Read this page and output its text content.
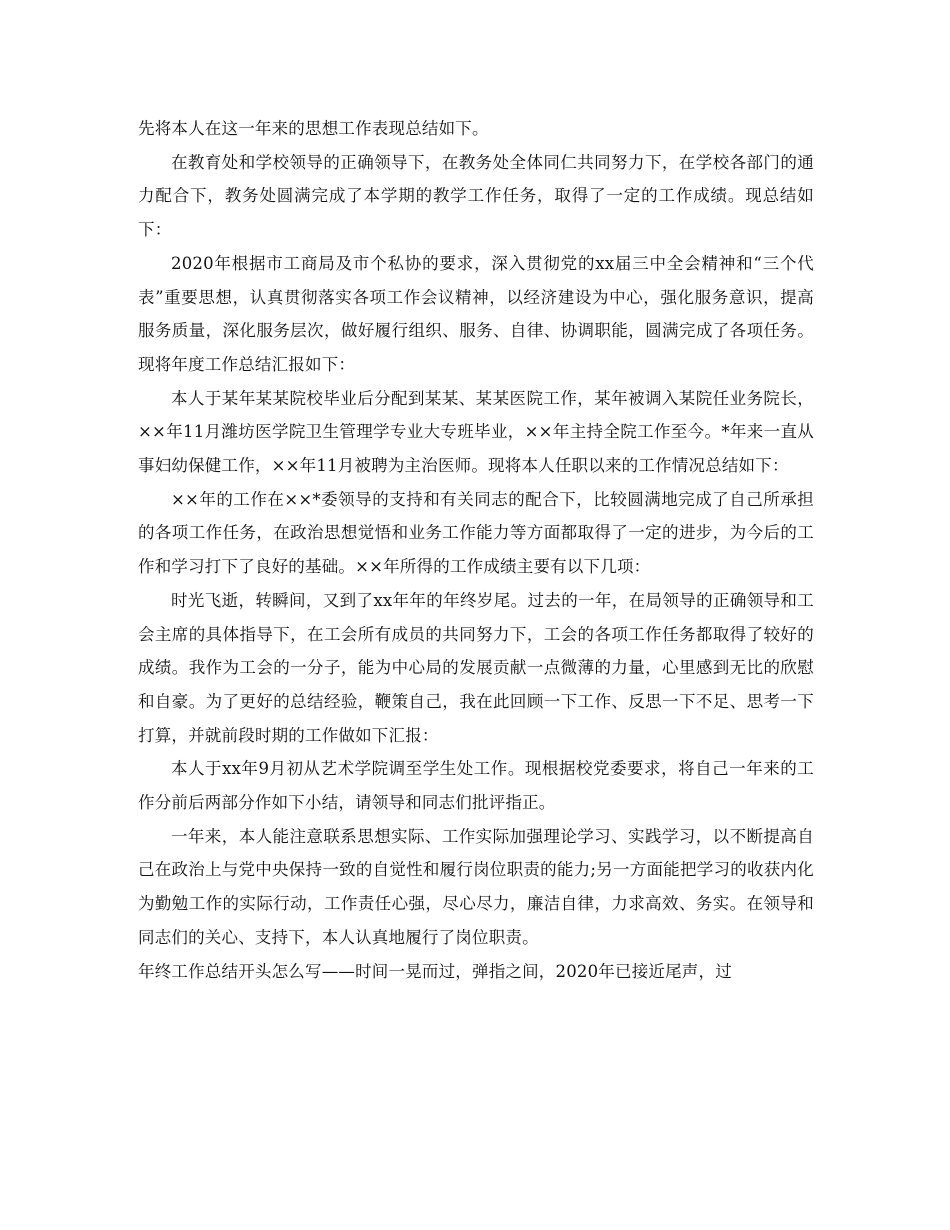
先将本人在这一年来的思想工作表现总结如下。

在教育处和学校领导的正确领导下，在教务处全体同仁共同努力下，在学校各部门的通力配合下，教务处圆满完成了本学期的教学工作任务，取得了一定的工作成绩。现总结如下：

2020年根据市工商局及市个私协的要求，深入贯彻党的xx届三中全会精神和“三个代表”重要思想，认真贯彻落实各项工作会议精神，以经济建设为中心，强化服务意识，提高服务质量，深化服务层次，做好履行组织、服务、自律、协调职能，圆满完成了各项任务。现将年度工作总结汇报如下：

本人于某年某某院校毕业后分配到某某、某某医院工作，某年被调入某院任业务院长，××年11月潍坊医学院卫生管理学专业大专班毕业，××年主持全院工作至今。*年来一直从事妇幼保健工作，××年11月被聘为主治医师。现将本人任职以来的工作情况总结如下：

××年的工作在××*委领导的支持和有关同志的配合下，比较圆满地完成了自己所承担的各项工作任务，在政治思想觉悟和业务工作能力等方面都取得了一定的进步，为今后的工作和学习打下了良好的基础。××年所得的工作成绩主要有以下几项：

时光飞逝，转瞬间，又到了xx年年的年终岁尾。过去的一年，在局领导的正确领导和工会主席的具体指导下，在工会所有成员的共同努力下，工会的各项工作任务都取得了较好的成绩。我作为工会的一分子，能为中心局的发展贡献一点微薄的力量，心里感到无比的欣慰和自豪。为了更好的总结经验，鞭策自己，我在此回顾一下工作、反思一下不足、思考一下打算，并就前段时期的工作做如下汇报：

本人于xx年9月初从艺术学院调至学生处工作。现根据校党委要求，将自己一年来的工作分前后两部分作如下小结，请领导和同志们批评指正。

一年来，本人能注意联系思想实际、工作实际加强理论学习、实践学习，以不断提高自己在政治上与党中央保持一致的自觉性和履行岗位职责的能力;另一方面能把学习的收获内化为勤勉工作的实际行动，工作责任心强，尽心尽力，廉洁自律，力求高效、务实。在领导和同志们的关心、支持下，本人认真地履行了岗位职责。

年终工作总结开头怎么写——时间一晃而过，弹指之间，2020年已接近尾声，过
